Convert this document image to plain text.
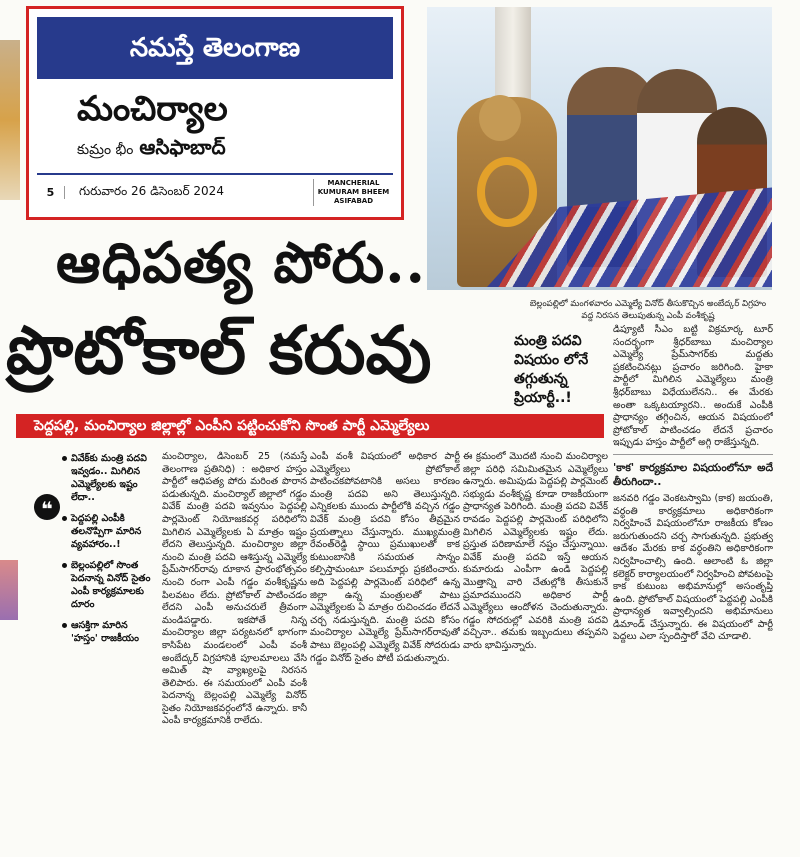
నమస్తే తెలంగాణ
మంచిర్యాల
కుమ్రం భీం ఆసిఫాబాద్
5	గురువారం 26 డిసెంబర్ 2024
MANCHERIAL KUMURAM BHEEM ASIFABAD
బెల్లంపల్లిలో మంగళవారం ఎమ్మెల్యే వినోద్ తీసుకొచ్చిన అంబేద్కర్ విగ్రహం వద్ద నిరసన తెలుపుతున్న ఎంపీ వంశీకృష్ణ
ఆధిపత్య పోరు..
ప్రొటోకాల్ కరువు	మంత్రి పదవి విషయం లోనే తగ్గుతున్న ప్రియార్టీ..!
పెద్దపల్లి, మంచిర్యాల జిల్లాల్లో ఎంపీని పట్టించుకోని సొంత పార్టీ ఎమ్మెల్యేలు
❝
వివేక్‌కు మంత్రి పదవి ఇవ్వడం.. మిగిలిన ఎమ్మెల్యేలకు ఇష్టం లేదా..
పెద్దపల్లి ఎంపీకి తలనొప్పిగా మారిన వ్యవహారం..!
బెల్లంపల్లిలో సొంత పెదనాన్న వినోద్ సైతం ఎంపీ కార్యక్రమాలకు దూరం
ఆసక్తిగా మారిన 'హస్తం' రాజకీయం
మంచిర్యాల, డిసెంబర్ 25 (నమస్తే తెలంగాణ ప్రతినిధి) : అధికార హస్తం పార్టీలో ఆధిపత్య పోరు మరింత పొరాన పడుతున్నది. మంచిర్యాల్ జిల్లాలో గడ్డం వివేక్ మంత్రి పదవి ఇవ్వనుం పెద్దపల్లి పార్లమెంట్ నియోజకవర్గ పరిధిలోని మిగిలిన ఎమ్మెల్యేలకు ఏ మాత్రం ఇష్టం లేదని తెలుస్తున్నది. మంచిర్యాల జిల్లా నుంచి మంత్రి పదవి ఆశిస్తున్న ఎమ్మెల్యే ప్రేమ్‌సాగర్‌రావు దూకాన ప్రారంభోత్సవం నుంచి రంగా ఎంపీ గడ్డం వంశీకృష్ణను పిలవటం లేదు. ప్రోటోకాల్ పాటించడం లేదని ఎంపీ అనుచరులే త్రీవంగా మండిపడ్డారు. ఇకపోతే నిన్న మంచిర్యాల జిల్లా పర్యటనలో భాగంగా కాసిపేట మండలంలో ఎంపీ వంశీ అంబేద్కర్ విగ్రహానికి పూలమాలలు వేసి అమిత్ షా వ్యాఖ్యలపై నిరసన తెలిపారు. ఈ సమయంలో ఎంపీ వంశీ పెదనాన్న బెల్లంపల్లి ఎమ్మెల్యే వినోద్ సైతం నియోజకవర్గంలోనే ఉన్నారు. కానీ ఎంపీ కార్యక్రమానికి రాలేదు.
ఎంపీ వంశీ విషయంలో అధికార పార్టీ ఎమ్మెల్యేలు ప్రోటోకాల్ పాటించకపోవటానికి అసలు కారణం మంత్రి పదవి అని తెలుస్తున్నది. ఎన్నికలకు ముందు పార్టీలోకి వచ్చిన గడ్డం వివేక్ మంత్రి పదవి కోసం తీవ్రమైన ప్రయత్నాలు చేస్తున్నారు. ముఖ్యమంత్రి రేవంత్‌రెడ్డి స్థాయి ప్రముఖులతో కాక కుటుంబానికి సమయత సాన్నం కల్పిస్తామంటూ పలుమార్లు ప్రకటించారు. అది పెద్దపల్లి పార్లమెంట్ పరిధిలో ఉన్న జిల్లా ఉన్న మంత్రులతో పాటు ఎమ్మెల్యేలకు ఏ మాత్రం రుచించడం లేదనే చర్చ నడుస్తున్నది. మంత్రి పదవి కోసం మంచిర్యాల ఎమ్మెల్యే ప్రేమ్‌సాగర్‌రావుతో పాటు బెల్లంపల్లి ఎమ్మెల్యే వివేక్ సోదరుడు గడ్డం వినోద్ సైతం పోటీ పడుతున్నారు.
ఈ క్రమంలో మొదటి నుంచి మంచిర్యాల జిల్లా పరిధి సమిమితమైన ఎమ్మెల్యేలు ఉన్నారు. అమిపుడు పెద్దపల్లి పార్లమెంట్ సభ్యుడు వంశీకృష్ణ కూడా రాజకీయంగా ప్రాధాన్యత పెరిగింది. మంత్రి పదవి వివేక్ రావడం పెద్దపల్లి పార్లమెంట్ పరిధిలోని మిగిలిన ఎమ్మెల్యేలకు ఇష్టం లేదు. ప్రస్తుత పరిణామాలే నష్టం చేస్తున్నాయి. వివేక్ మంత్రి పదవి ఇస్తే ఆయన కుమారుడు ఎంపీగా ఉండి పెద్దపల్లి మొత్తాన్ని వారి చేతుల్లోకి తీసుకునే ప్రమాదముందని అధికార పార్టీ ఎమ్మెల్యేలు ఆందోళన చెందుతున్నారు. గడ్డం సోదరుల్లో ఎవరికి మంత్రి పదవి వచ్చినా.. తమకు ఇబ్బందులు తప్పవని వారు భావిస్తున్నారు.
డిప్యూటీ సీఎం బట్టి విక్రమార్క టూర్ సందర్భంగా శ్రీధర్‌బాబు మంచిర్యాల ఎమ్మెల్యే ప్రేమ్‌సాగర్‌కు మద్దతు ప్రకటించినట్లు ప్రచారం జరిగింది. హైకా పార్టీలో మిగిలిన ఎమ్మెల్యేలు మంత్రి శ్రీధర్‌బాబు విధేయులేనని.. ఈ మేరకు అంతా ఒక్కటయ్యారని.. అందుకే ఎంపీకి ప్రాధాన్యం తగ్గించిన, ఆయన విషయంలో ప్రోటోకాల్ పాటించడం లేదనే ప్రచారం ఇప్పుడు హస్తం పార్టీలో అగ్గి రాజేస్తున్నది.
'కాక' కార్యక్రమాల విషయంలోనూ అదే తీరుగిందా..
జనవరి గడ్డం వెంకటస్వామి (కాక) జయంతి, వర్ధంతి కార్యక్రమాలు అధికారికంగా నిర్వహించే విషయంలోనూ రాజకీయ కోణం జరుగుతుందని చర్చ సాగుతున్నది. ప్రభుత్వ ఆదేశం మేరకు కాక వర్ధంతిని అధికారికంగా నిర్వహించాల్సి ఉంది. ఆలాంటి ఓ జిల్లా కలెక్టర్ కార్యాలయంలో నిర్వహించి పోవటంపై కాక కుటుంబ అభిమానుల్లో అసంతృప్తి ఉంది. ప్రోటోకాల్ విషయంలో పెద్దపల్లి ఎంపీకి ప్రాధాన్యత ఇవ్వాల్సిందని అభిమానులు డిమాండ్ చేస్తున్నారు. ఈ విషయంలో పార్టీ పెద్దలు ఎలా స్పందిస్తారో వేచి చూడాలి.
